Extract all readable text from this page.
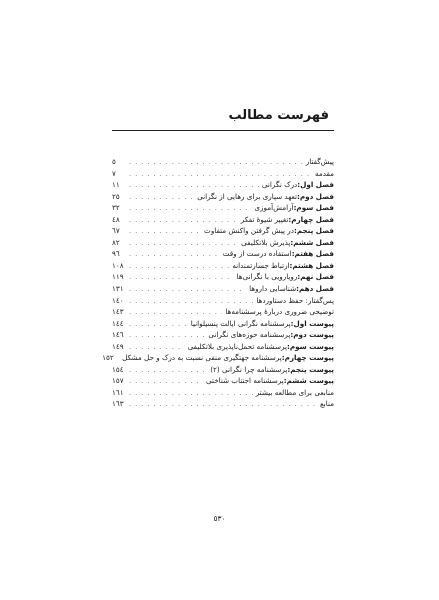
فهرست مطالب
پیش‌گفتار
. . .
٥
مقدمه
. . .
٧
فصل اول:
درک نگرانی
. . .
١١
فصل دوم:
تعهد سپاری برای رهایی از نگرانی
. . .
٢٥
فصل سوم:
آرامش‌آموزی
. . .
٣٢
فصل چهارم:
تغییر شیوهٔ تفکر
. . .
٤٨
فصل پنجم:
در پیش گرفتن واکنش متفاوت
. . .
٦٧
فصل ششم:
پذیرش بلاتکلیفی
. . .
٨٢
فصل هفتم:
استفاده درست از وقت
. . .
٩٦
فصل هشتم:
ارتباط جسارتمندانه
. . .
١٠٨
فصل نهم:
رویارویی با نگرانی‌ها
. . .
١١٩
فصل دهم:
شناسایی دارو‌ها
. . .
١٣١
پس‌گفتار: حفظ دستاوردها
. . .
١٤٠
توضیحی ضروری دربارهٔ پرسشنامه‌ها
. . .
١٤٣
پیوست اول:
پرسشنامه نگرانی ایالت پنسیلوانیا
. . .
١٤٤
پیوست دوم:
پرسشنامه حوزه‌های نگرانی
. . .
١٤٦
پیوست سوم:
پرسشنامه تحمل‌ناپذیری بلاتکلیفی
. . .
١٤٩
پیوست چهارم:
پرسشنامه جهتگیری منفی نسبت به درک و حل مشکل
١٥٢
پیوست پنجم:
پرسشنامه چرا نگرانی (٢)
. . .
١٥٤
پیوست ششم:
پرسشنامه اجتناب شناختی
. . .
١٥٧
منابعی برای مطالعه بیشتر
. . .
١٦١
منابع
. . .
١٦٣
٥٣٠
